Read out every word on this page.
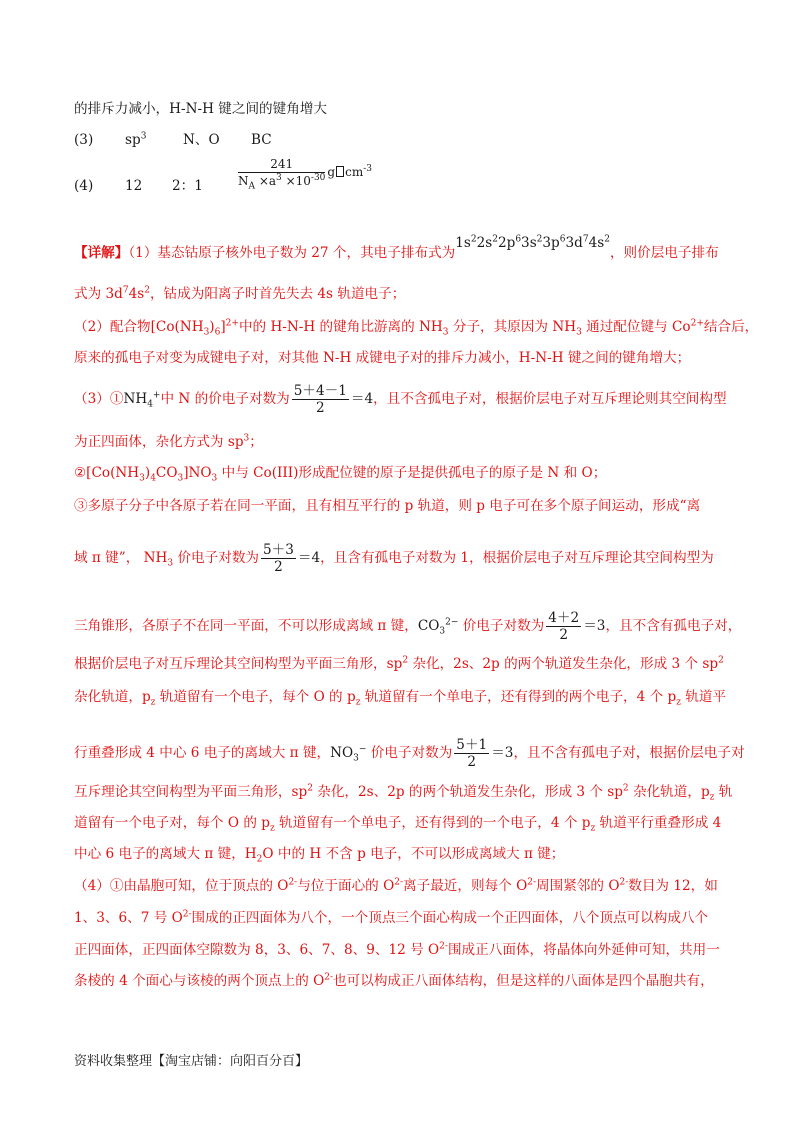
的排斥力减小，H-N-H 键之间的键角增大
(3) $sp^3$	N、O BC
(4) 12 2：1	$\frac{241}{N_A \times a^3 \times 10^{-30}}$ g $cm^{-3}$
【详解】（1）基态钴原子核外电子数为 27 个，其电子排布式为$1s^22s^22p^63s^23p^63d^74s^2$，则价层电子排布
式为 $3d^74s^2$，钴成为阳离子时首先失去 4s 轨道电子；
（2）配合物$[Co(NH_3)_6]^{2+}$中的 H-N-H 的键角比游离的 $NH_3$ 分子，其原因为 $NH_3$ 通过配位键与 $Co^{2+}$结合后，
原来的孤电子对变为成键电子对，对其他 N-H 成键电子对的排斥力减小，H-N-H 键之间的键角增大；
$(3)①NH_4^+$中 N 的价电子对数为 $\frac{5+4-1}{2} =4$，且不含孤电子对，根据价层电子对互斥理论则其空间构型
为正四面体，杂化方式为 $sp^3$；
$②[Co(NH_3)_4CO_3]NO_3$ 中与 Co(III)形成配位键的原子是提供孤电子的原子是 N 和 O；
③多原子分子中各原子若在同一平面，且有相互平行的 p 轨道，则 p 电子可在多个原子间运动，形成“离
域 π 键”， $NH_3$ 价电子对数为 $\frac{5+3}{2} =4$，且含有孤电子对数为 1，根据价层电子对互斥理论其空间构型为
三角锥形，各原子不在同一平面，不可以形成离域 π 键，$CO_3^{2-}$ 价电子对数为 $\frac{4+2}{2} =3$，且不含有孤电子对，
根据价层电子对互斥理论其空间构型为平面三角形，$sp^2$ 杂化，2s、2p 的两个轨道发生杂化，形成 3 个 $sp^2$
杂化轨道，$p_z$ 轨道留有一个电子，每个 O 的 $p_z$ 轨道留有一个单电子，还有得到的两个电子，4 个 $p_z$ 轨道平
行重叠形成 4 中心 6 电子的离域大 π 键，$NO_3^-$ 价电子对数为 $\frac{5+1}{2} =3$，且不含有孤电子对，根据价层电子对
互斥理论其空间构型为平面三角形，$sp^2$ 杂化，2s、2p 的两个轨道发生杂化，形成 3 个 $sp^2$ 杂化轨道，$p_z$ 轨
道留有一个电子对，每个 O 的 $p_z$ 轨道留有一个单电子，还有得到的一个电子，4 个 $p_z$ 轨道平行重叠形成 4
中心 6 电子的离域大 π 键，$H_2O$ 中的 H 不含 p 电子，不可以形成离域大 π 键；
（4）①由晶胞可知，位于顶点的 $O^{2-}$与位于面心的 $O^{2-}$离子最近，则每个 $O^{2-}$周围紧邻的 $O^{2-}$数目为 12，如
1、3、6、7 号 $O^{2-}$围成的正四面体为八个，一个顶点三个面心构成一个正四面体，八个顶点可以构成八个
正四面体，正四面体空隙数为 8，3、6、7、8、9、12 号 $O^{2-}$围成正八面体，将晶体向外延伸可知，共用一
条棱的 4 个面心与该棱的两个顶点上的 $O^{2-}$也可以构成正八面体结构，但是这样的八面体是四个晶胞共有，
资料收集整理【淘宝店铺：向阳百分百】
